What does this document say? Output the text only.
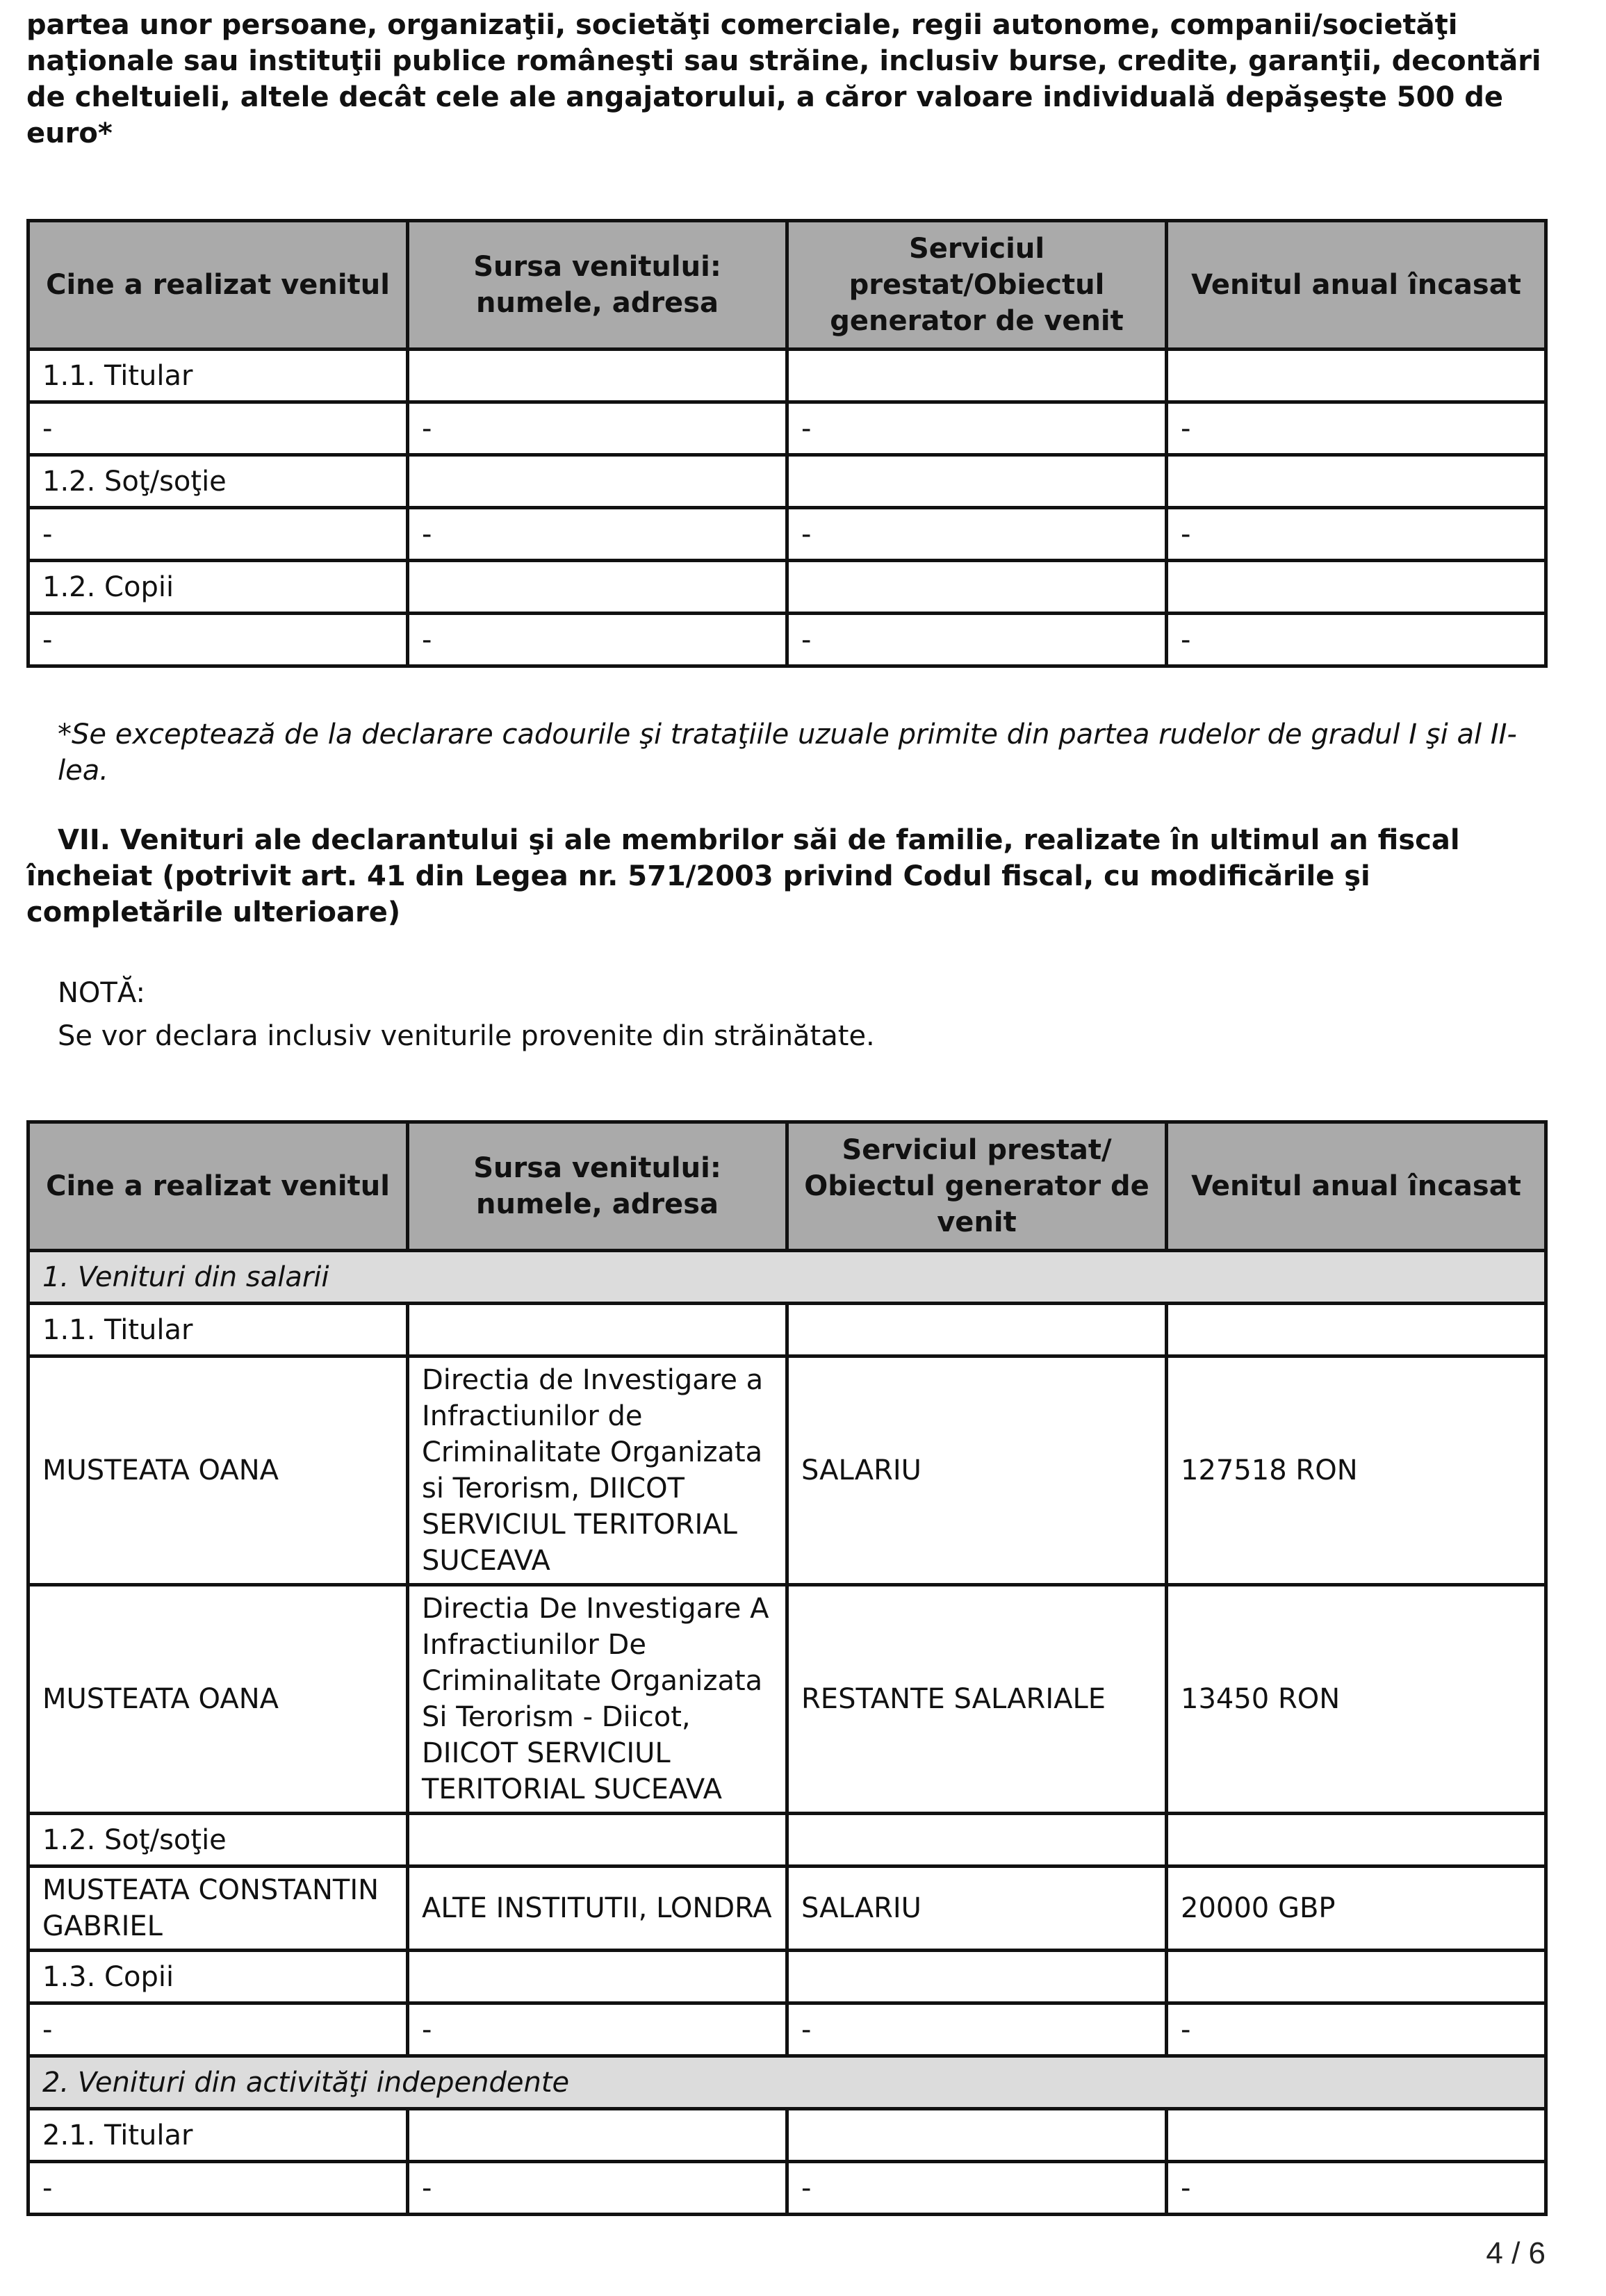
partea unor persoane, organizaţii, societăţi comerciale, regii autonome, companii/societăţi naţionale sau instituţii publice româneşti sau străine, inclusiv burse, credite, garanţii, decontări de cheltuieli, altele decât cele ale angajatorului, a căror valoare individuală depăşeşte 500 de euro*

Cine a realizat venitul	Sursa venitului: numele, adresa	Serviciul prestat/Obiectul generator de venit	Venitul anual încasat
1.1. Titular			
-	-	-	-
1.2. Soţ/soţie			
-	-	-	-
1.2. Copii			
-	-	-	-

*Se exceptează de la declarare cadourile şi trataţiile uzuale primite din partea rudelor de gradul I şi al II-lea.

VII. Venituri ale declarantului şi ale membrilor săi de familie, realizate în ultimul an fiscal încheiat (potrivit art. 41 din Legea nr. 571/2003 privind Codul fiscal, cu modificările şi completările ulterioare)

NOTĂ:
Se vor declara inclusiv veniturile provenite din străinătate.
Cine a realizat venitul	Sursa venitului: numele, adresa	Serviciul prestat/ Obiectul generator de venit	Venitul anual încasat
1. Venituri din salarii			
1.1. Titular			
MUSTEATA OANA	Directia de Investigare a Infractiunilor de Criminalitate Organizata si Terorism, DIICOT SERVICIUL TERITORIAL SUCEAVA	SALARIU	127518 RON
MUSTEATA OANA	Directia De Investigare A Infractiunilor De Criminalitate Organizata Si Terorism - Diicot, DIICOT SERVICIUL TERITORIAL SUCEAVA	RESTANTE SALARIALE	13450 RON
1.2. Soţ/soţie			
MUSTEATA CONSTANTIN GABRIEL	ALTE INSTITUTII, LONDRA	SALARIU	20000 GBP
1.3. Copii			
-	-	-	-
2. Venituri din activităţi independente			
2.1. Titular			
-	-	-	-
4 / 6
